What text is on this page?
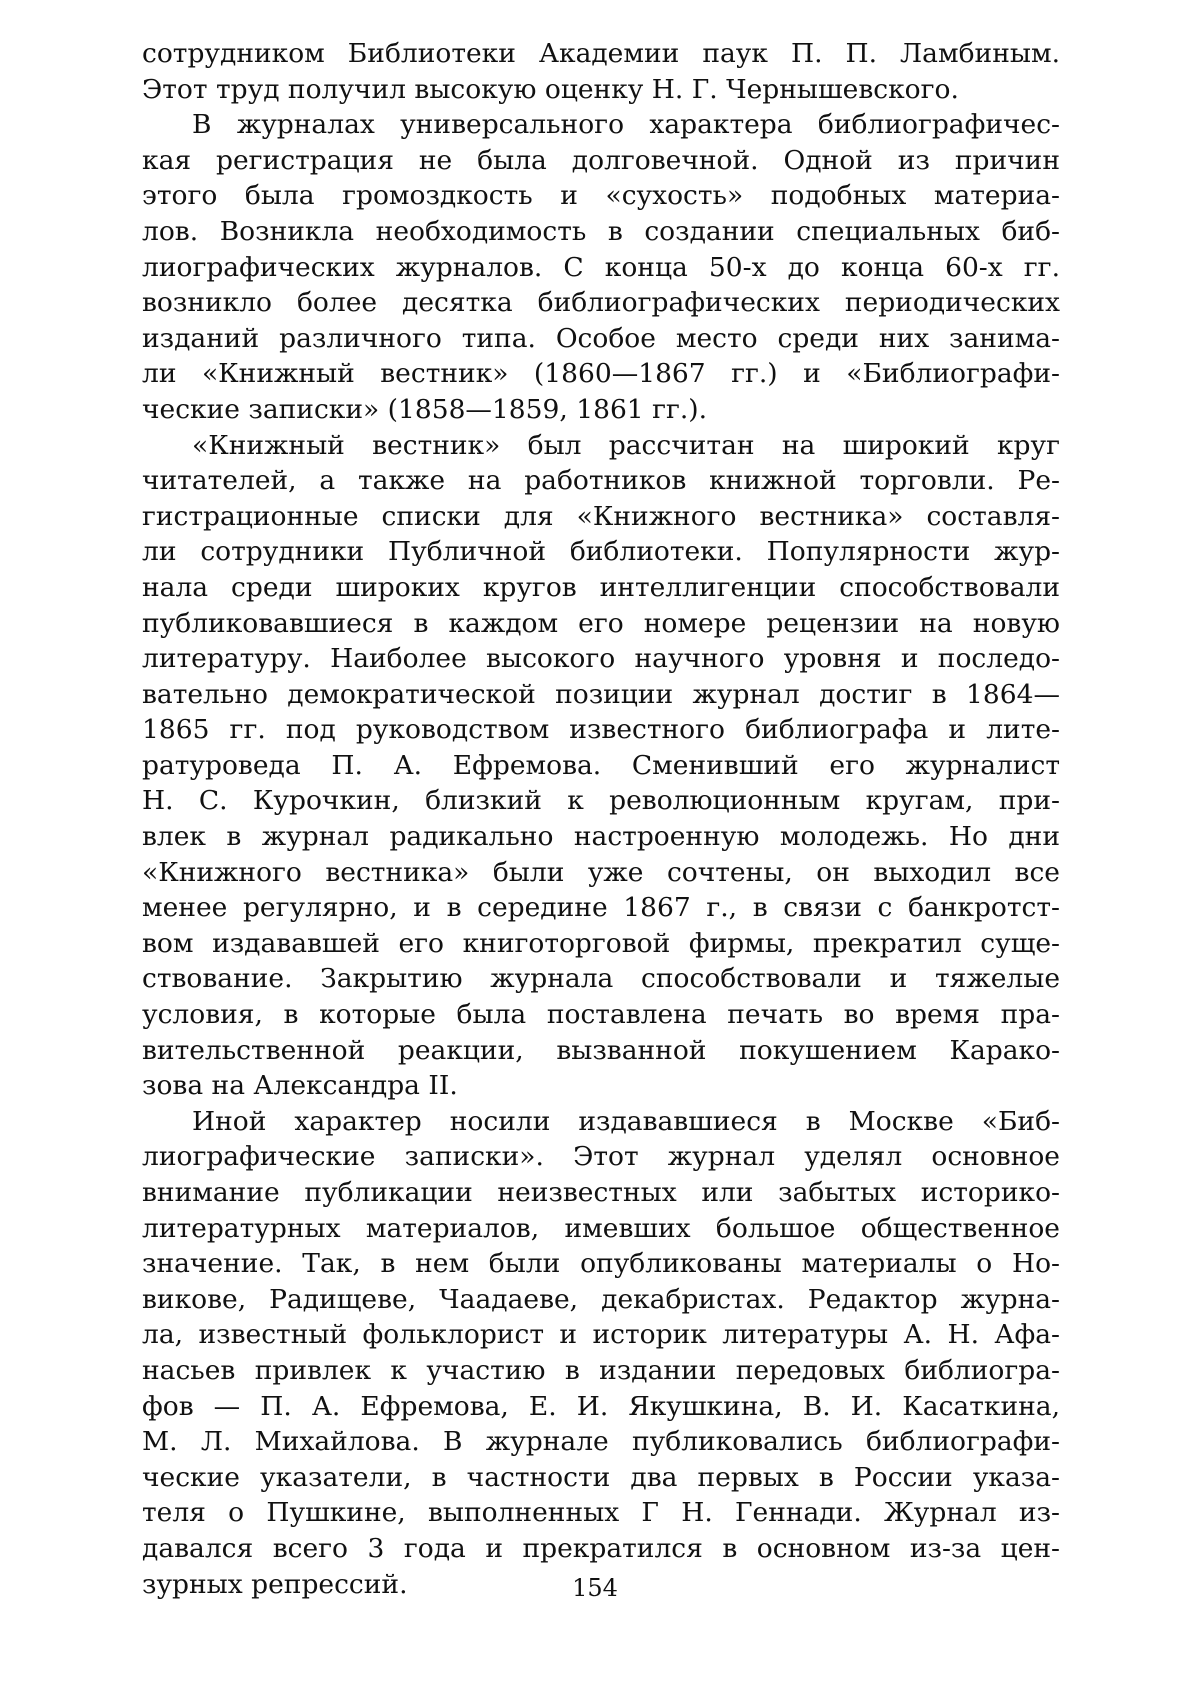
сотрудником Библиотеки Академии паук П. П. Ламбиным.
Этот труд получил высокую оценку Н. Г. Чернышевского.
В журналах универсального характера библиографичес-
кая регистрация не была долговечной. Одной из причин
этого была громоздкость и «сухость» подобных материа-
лов. Возникла необходимость в создании специальных биб-
лиографических журналов. С конца 50-х до конца 60-х гг.
возникло более десятка библиографических периодических
изданий различного типа. Особое место среди них занима-
ли «Книжный вестник» (1860—1867 гг.) и «Библиографи-
ческие записки» (1858—1859, 1861 гг.).
«Книжный вестник» был рассчитан на широкий круг
читателей, а также на работников книжной торговли. Ре-
гистрационные списки для «Книжного вестника» составля-
ли сотрудники Публичной библиотеки. Популярности жур-
нала среди широких кругов интеллигенции способствовали
публиковавшиеся в каждом его номере рецензии на новую
литературу. Наиболее высокого научного уровня и последо-
вательно демократической позиции журнал достиг в 1864—
1865 гг. под руководством известного библиографа и лите-
ратуроведа П. А. Ефремова. Сменивший его журналист
Н. С. Курочкин, близкий к революционным кругам, при-
влек в журнал радикально настроенную молодежь. Но дни
«Книжного вестника» были уже сочтены, он выходил все
менее регулярно, и в середине 1867 г., в связи с банкротст-
вом издававшей его книготорговой фирмы, прекратил суще-
ствование. Закрытию журнала способствовали и тяжелые
условия, в которые была поставлена печать во время пра-
вительственной реакции, вызванной покушением Каракo-
зова на Александра II.
Иной характер носили издававшиеся в Москве «Биб-
лиографические записки». Этот журнал уделял основное
внимание публикации неизвестных или забытых историко-
литературных материалов, имевших большое общественное
значение. Так, в нем были опубликованы материалы о Но-
викове, Радищеве, Чаадаеве, декабристах. Редактор журна-
ла, известный фольклорист и историк литературы А. Н. Афа-
насьев привлек к участию в издании передовых библиогра-
фов — П. А. Ефремова, Е. И. Якушкина, В. И. Касаткина,
М. Л. Михайлова. В журнале публиковались библиографи-
ческие указатели, в частности два первых в России указа-
теля о Пушкине, выполненных Г Н. Геннади. Журнал из-
давался всего 3 года и прекратился в основном из-за цен-
зурных репрессий.	154
